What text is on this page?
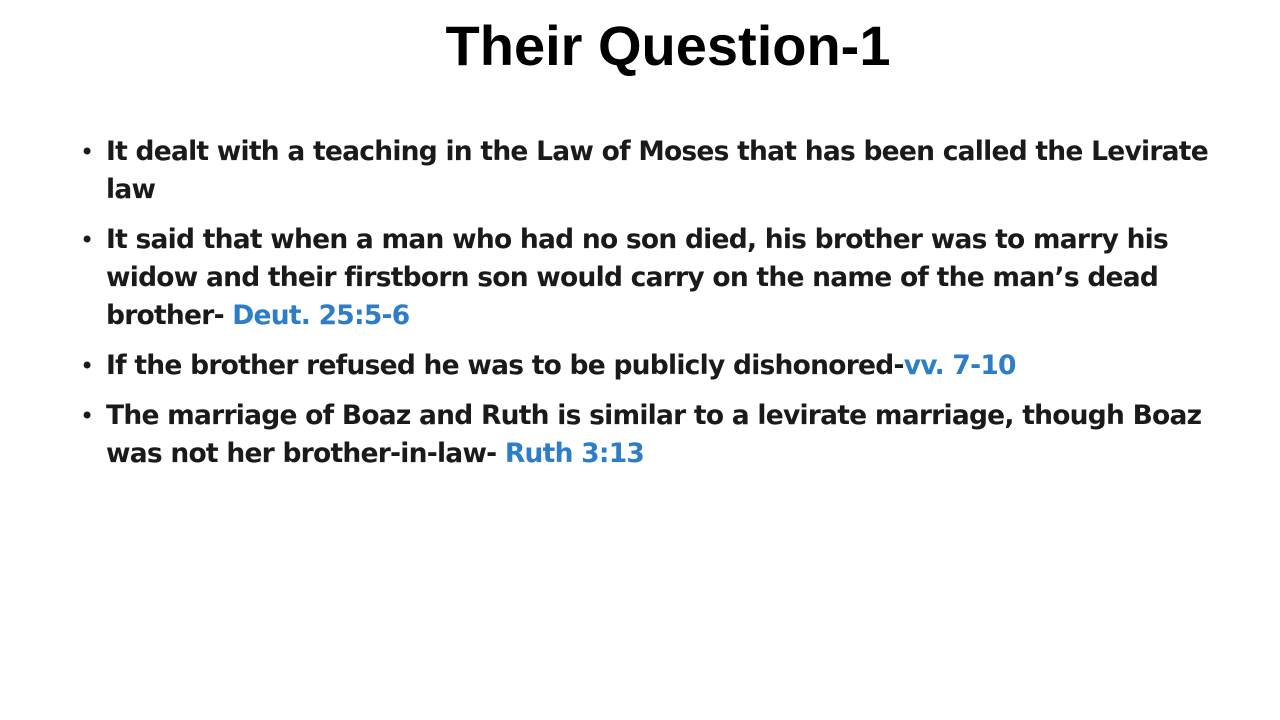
Their Question-1
• It dealt with a teaching in the Law of Moses that has been called the Levirate law
• It said that when a man who had no son died, his brother was to marry his widow and their firstborn son would carry on the name of the man’s dead brother- Deut. 25:5-6
• If the brother refused he was to be publicly dishonored-vv. 7-10
• The marriage of Boaz and Ruth is similar to a levirate marriage, though Boaz was not her brother-in-law- Ruth 3:13
